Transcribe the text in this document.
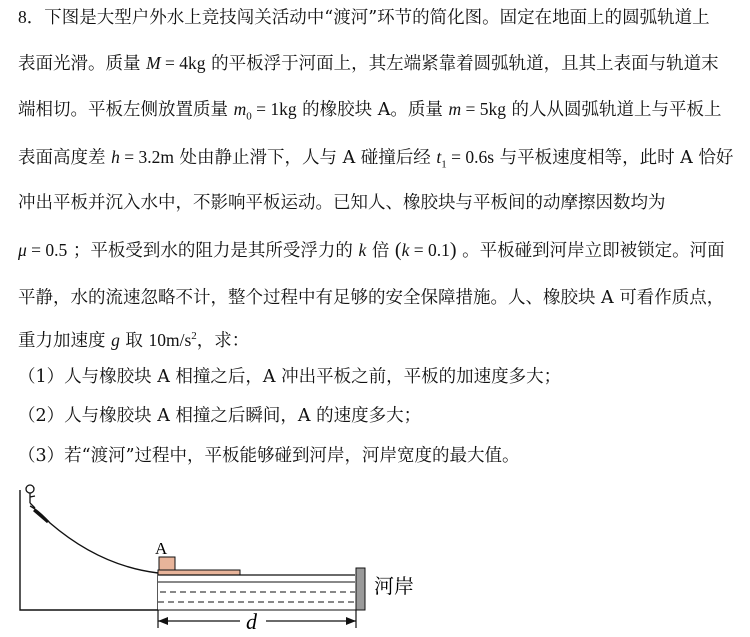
8．下图是大型户外水上竞技闯关活动中“渡河”环节的简化图。固定在地面上的圆弧轨道上
表面光滑。质量 M = 4kg 的平板浮于河面上，其左端紧靠着圆弧轨道，且其上表面与轨道末
端相切。平板左侧放置质量 $m_0 = 1kg$ 的橡胶块 A。质量 m = 5kg 的人从圆弧轨道上与平板上
表面高度差 h = 3.2m 处由静止滑下，人与 A 碰撞后经 $t_1 = 0.6s$ 与平板速度相等，此时 A 恰好
冲出平板并沉入水中，不影响平板运动。已知人、橡胶块与平板间的动摩擦因数均为
μ = 0.5 ；平板受到水的阻力是其所受浮力的 k 倍 (k = 0.1) 。平板碰到河岸立即被锁定。河面
平静，水的流速忽略不计，整个过程中有足够的安全保障措施。人、橡胶块 A 可看作质点，
重力加速度 g 取 $10m/s^2$，求：
（1）人与橡胶块 A 相撞之后，A 冲出平板之前，平板的加速度多大；
（2）人与橡胶块 A 相撞之后瞬间，A 的速度多大；
（3）若“渡河”过程中，平板能够碰到河岸，河岸宽度的最大值。
A
河岸
d
